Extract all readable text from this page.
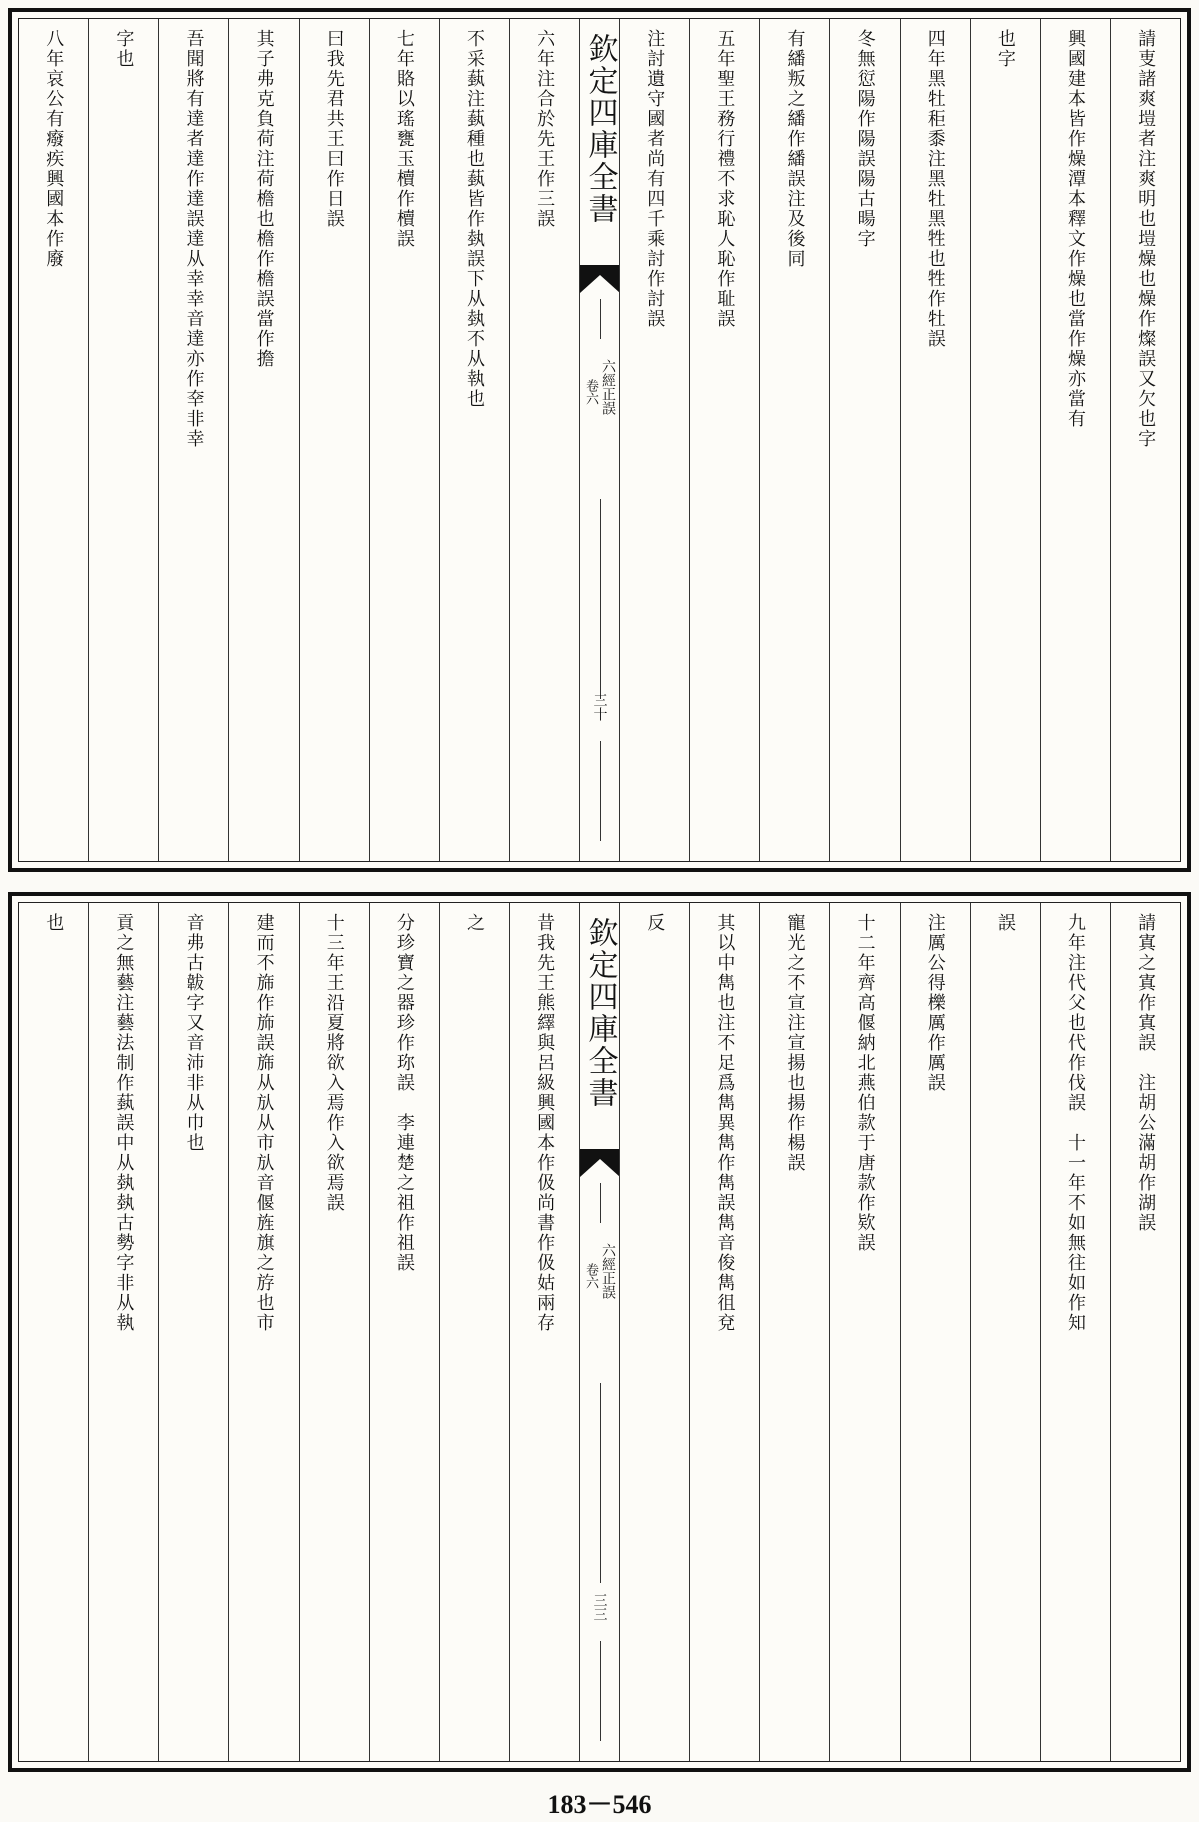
請叓諸爽塏者注爽明也塏燥也燥作燦誤又欠也字
興國建本皆作燥潭本釋文作燥也當作燥亦當有
也字
四年黑牡秬黍注黑牡黑牲也牲作牡誤
冬無愆陽作陽誤陽古暘字
有繙叛之繙作繙誤注及後同
五年聖王務行禮不求恥人恥作耻誤
注討遺守國者尚有四千乘討作討誤
欽定四庫全書
六經正誤
卷六
三十
六年注合於先王作三誤
不采蓺注蓺種也蓺皆作埶誤下从埶不从執也
七年賂以瑤甕玉櫝作櫝誤
曰我先君共王曰作日誤
其子弗克負荷注荷檐也檐作檐誤當作擔
吾聞將有達者達作達誤達从幸幸音達亦作㚔非幸
字也
八年哀公有癈疾興國本作廢
請寘之寘作寘誤　注胡公滿胡作湖誤
九年注代父也代作伐誤　十一年不如無往如作知
誤
注厲公得櫟厲作厲誤
十二年齊高偃納北燕伯款于唐款作欵誤
寵光之不宣注宣揚也揚作楊誤
其以中雋也注不足爲雋異雋作雋誤雋音俊雋徂兗
反
欽定四庫全書
六經正誤
卷六
三三
昔我先王熊繹與呂級興國本作伋尚書作伋姑兩存
之
分珍寶之器珍作珎誤　李連楚之祖作祖誤
十三年王沿夏將欲入焉作入欲焉誤
建而不旆作斾誤旆从㫃从市㫃音偃旌旗之斿也市
音弗古韍字又音沛非从巾也
貢之無藝注藝法制作蓺誤中从埶埶古勢字非从執
也
183－546
